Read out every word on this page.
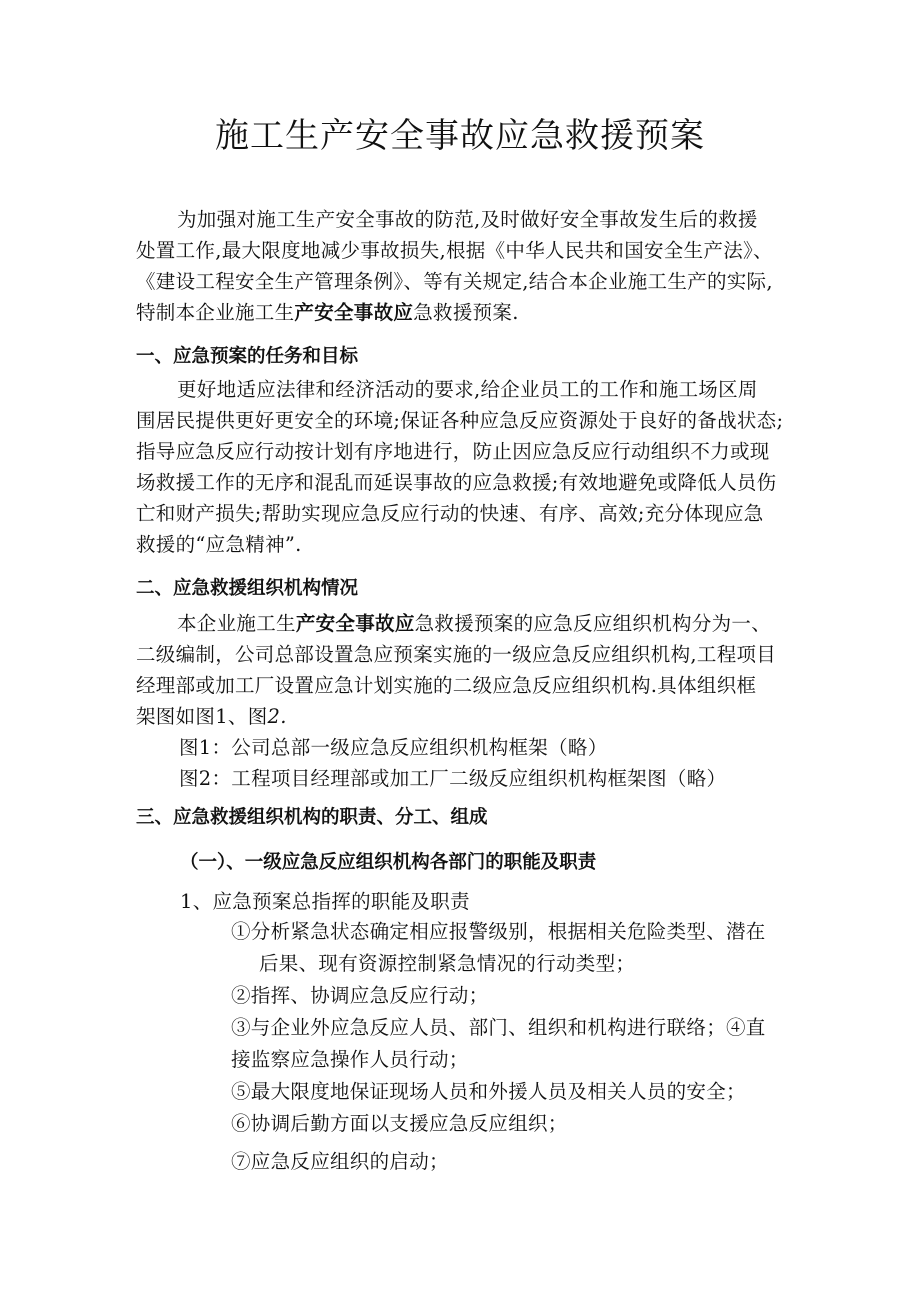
施工生产安全事故应急救援预案
为加强对施工生产安全事故的防范,及时做好安全事故发生后的救援
处置工作,最大限度地减少事故损失,根据《中华人民共和国安全生产法》、
《建设工程安全生产管理条例》、等有关规定,结合本企业施工生产的实际,
特制本企业施工生产安全事故应急救援预案.
一、应急预案的任务和目标
更好地适应法律和经济活动的要求,给企业员工的工作和施工场区周
围居民提供更好更安全的环境;保证各种应急反应资源处于良好的备战状态;
指导应急反应行动按计划有序地进行，防止因应急反应行动组织不力或现
场救援工作的无序和混乱而延误事故的应急救援;有效地避免或降低人员伤
亡和财产损失;帮助实现应急反应行动的快速、有序、高效;充分体现应急
救援的“应急精神”.
二、应急救援组织机构情况
本企业施工生产安全事故应急救援预案的应急反应组织机构分为一、
二级编制，公司总部设置急应预案实施的一级应急反应组织机构,工程项目
经理部或加工厂设置应急计划实施的二级应急反应组织机构.具体组织框
架图如图1、图2.
图1：公司总部一级应急反应组织机构框架（略）
图2：工程项目经理部或加工厂二级反应组织机构框架图（略）
三、应急救援组织机构的职责、分工、组成
（一）、一级应急反应组织机构各部门的职能及职责
1、应急预案总指挥的职能及职责
①分析紧急状态确定相应报警级别，根据相关危险类型、潜在
后果、现有资源控制紧急情况的行动类型；
②指挥、协调应急反应行动；
③与企业外应急反应人员、部门、组织和机构进行联络；④直
接监察应急操作人员行动；
⑤最大限度地保证现场人员和外援人员及相关人员的安全；
⑥协调后勤方面以支援应急反应组织；
⑦应急反应组织的启动；
